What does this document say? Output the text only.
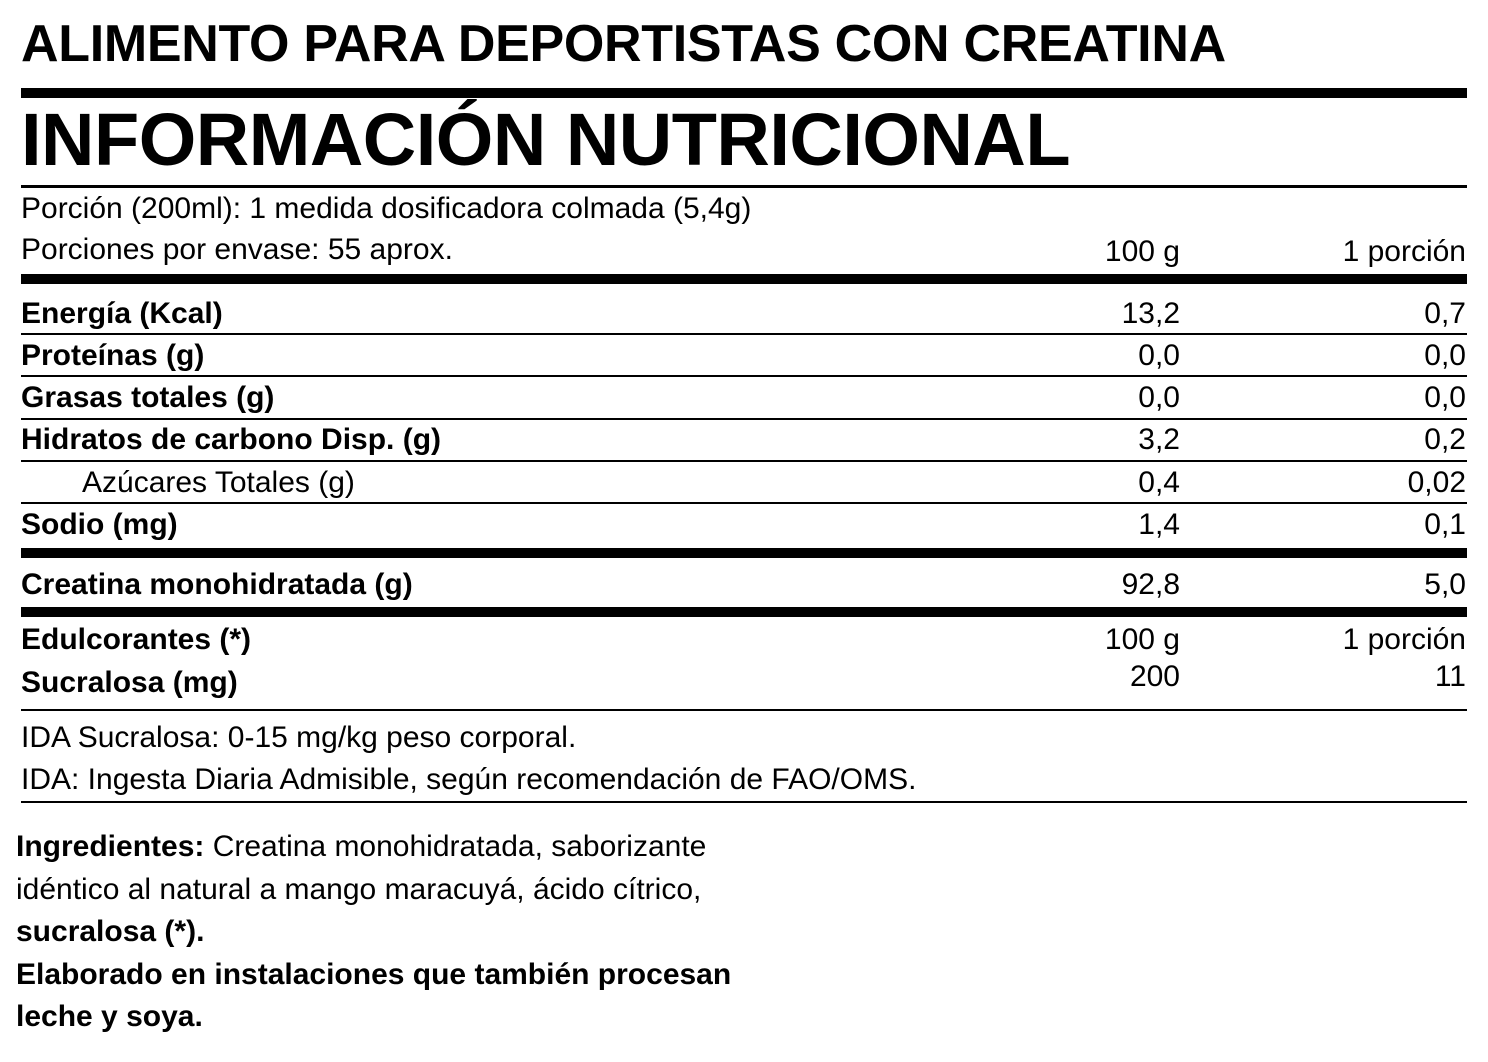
ALIMENTO PARA DEPORTISTAS CON CREATINA
INFORMACIÓN NUTRICIONAL
Porción (200ml): 1 medida dosificadora colmada (5,4g)
Porciones por envase: 55 aprox.	100 g	1 porción
Energía (Kcal)	13,2	0,7
Proteínas (g)	0,0	0,0
Grasas totales (g)	0,0	0,0
Hidratos de carbono Disp. (g)	3,2	0,2
Azúcares Totales (g)	0,4	0,02
Sodio (mg)	1,4	0,1
Creatina monohidratada (g)	92,8	5,0
Edulcorantes (*)	100 g	1 porción
Sucralosa (mg)	200	11
IDA Sucralosa: 0-15 mg/kg peso corporal.
IDA: Ingesta Diaria Admisible, según recomendación de FAO/OMS.
Ingredientes: Creatina monohidratada, saborizante idéntico al natural a mango maracuyá, ácido cítrico, sucralosa (*).
Elaborado en instalaciones que también procesan leche y soya.
